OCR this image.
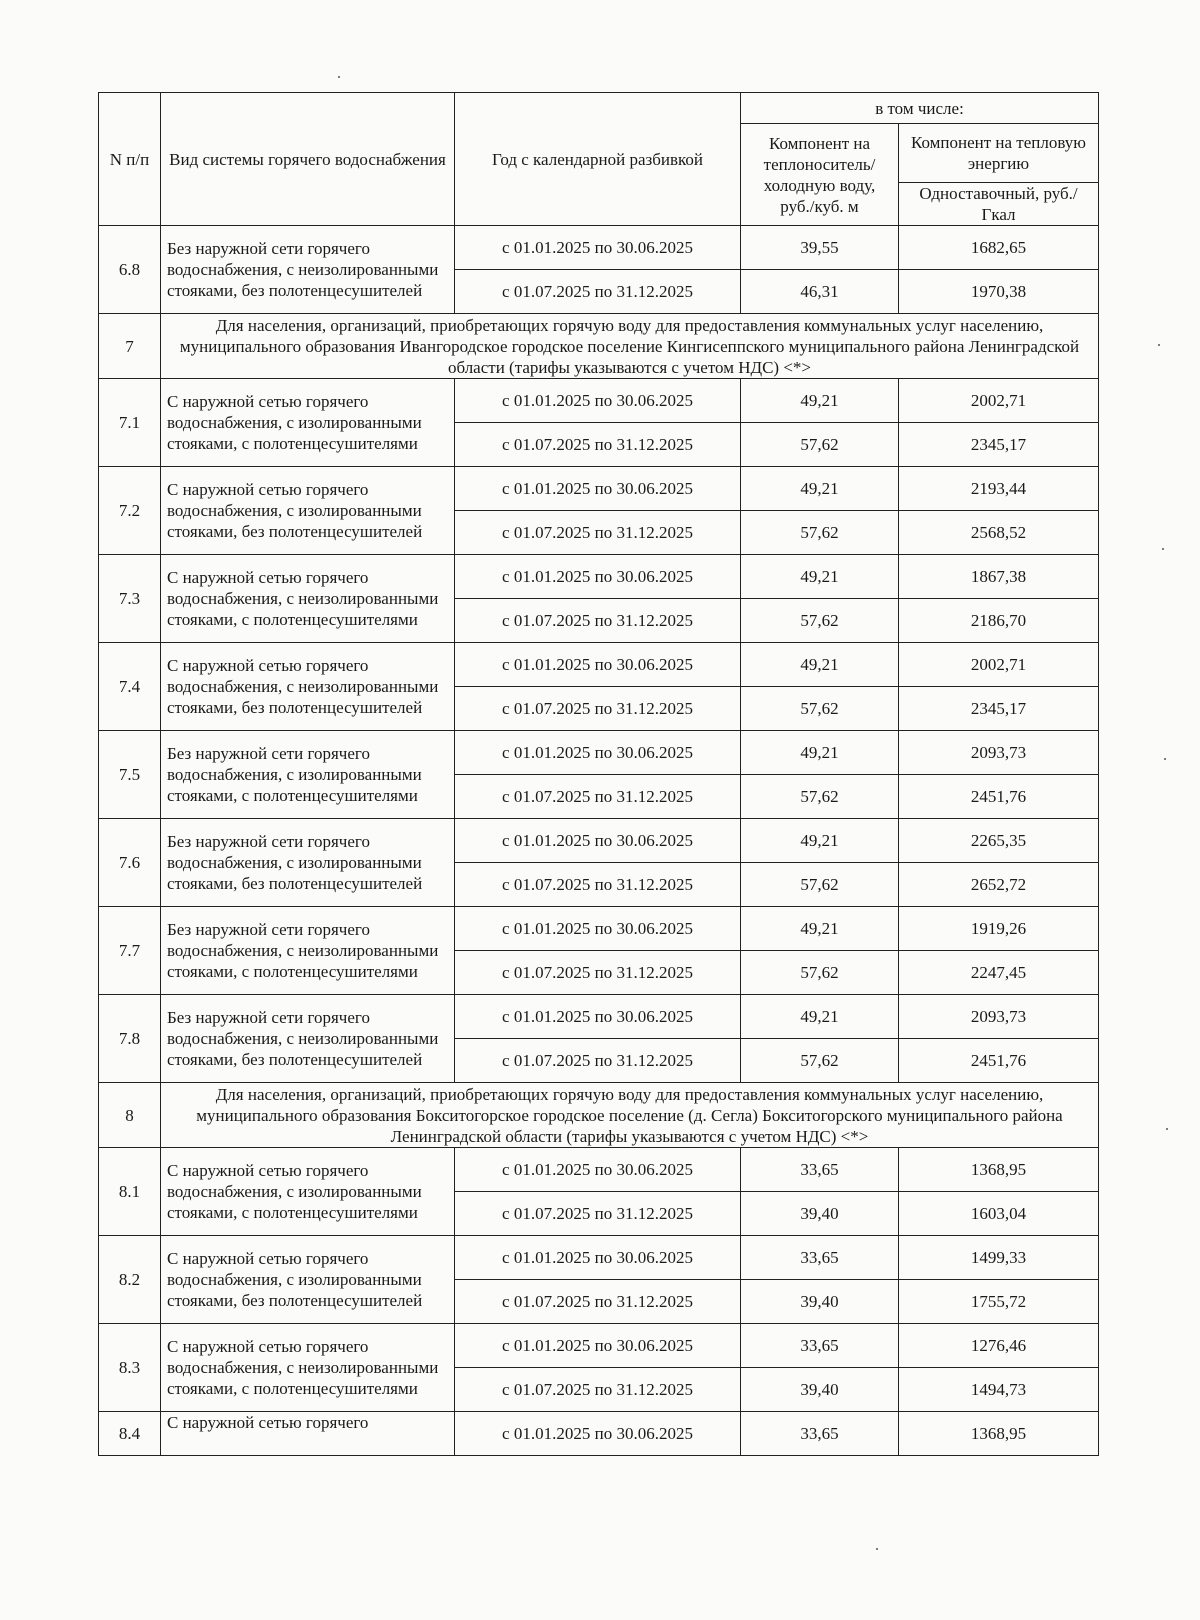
N п/п	Вид системы горячего водоснабжения	Год с календарной разбивкой	в том числе:	
			Компонент на теплоноситель/ холодную воду, руб./куб. м	Компонент на тепловую энергию
				Одноставочный, руб./Гкал
6.8	Без наружной сети горячего водоснабжения, с неизолированными стояками, без полотенцесушителей	с 01.01.2025 по 30.06.2025	39,55	1682,65
		с 01.07.2025 по 31.12.2025	46,31	1970,38
7	Для населения, организаций, приобретающих горячую воду для предоставления коммунальных услуг населению, муниципального образования Ивангородское городское поселение Кингисеппского муниципального района Ленинградской области (тарифы указываются с учетом НДС) <*>			
7.1	С наружной сетью горячего водоснабжения, с изолированными стояками, с полотенцесушителями	с 01.01.2025 по 30.06.2025	49,21	2002,71
		с 01.07.2025 по 31.12.2025	57,62	2345,17
7.2	С наружной сетью горячего водоснабжения, с изолированными стояками, без полотенцесушителей	с 01.01.2025 по 30.06.2025	49,21	2193,44
		с 01.07.2025 по 31.12.2025	57,62	2568,52
7.3	С наружной сетью горячего водоснабжения, с неизолированными стояками, с полотенцесушителями	с 01.01.2025 по 30.06.2025	49,21	1867,38
		с 01.07.2025 по 31.12.2025	57,62	2186,70
7.4	С наружной сетью горячего водоснабжения, с неизолированными стояками, без полотенцесушителей	с 01.01.2025 по 30.06.2025	49,21	2002,71
		с 01.07.2025 по 31.12.2025	57,62	2345,17
7.5	Без наружной сети горячего водоснабжения, с изолированными стояками, с полотенцесушителями	с 01.01.2025 по 30.06.2025	49,21	2093,73
		с 01.07.2025 по 31.12.2025	57,62	2451,76
7.6	Без наружной сети горячего водоснабжения, с изолированными стояками, без полотенцесушителей	с 01.01.2025 по 30.06.2025	49,21	2265,35
		с 01.07.2025 по 31.12.2025	57,62	2652,72
7.7	Без наружной сети горячего водоснабжения, с неизолированными стояками, с полотенцесушителями	с 01.01.2025 по 30.06.2025	49,21	1919,26
		с 01.07.2025 по 31.12.2025	57,62	2247,45
7.8	Без наружной сети горячего водоснабжения, с неизолированными стояками, без полотенцесушителей	с 01.01.2025 по 30.06.2025	49,21	2093,73
		с 01.07.2025 по 31.12.2025	57,62	2451,76
8	Для населения, организаций, приобретающих горячую воду для предоставления коммунальных услуг населению, муниципального образования Бокситогорское городское поселение (д. Сегла) Бокситогорского муниципального района Ленинградской области (тарифы указываются с учетом НДС) <*>			
8.1	С наружной сетью горячего водоснабжения, с изолированными стояками, с полотенцесушителями	с 01.01.2025 по 30.06.2025	33,65	1368,95
		с 01.07.2025 по 31.12.2025	39,40	1603,04
8.2	С наружной сетью горячего водоснабжения, с изолированными стояками, без полотенцесушителей	с 01.01.2025 по 30.06.2025	33,65	1499,33
		с 01.07.2025 по 31.12.2025	39,40	1755,72
8.3	С наружной сетью горячего водоснабжения, с неизолированными стояками, с полотенцесушителями	с 01.01.2025 по 30.06.2025	33,65	1276,46
		с 01.07.2025 по 31.12.2025	39,40	1494,73
8.4	С наружной сетью горячего	с 01.01.2025 по 30.06.2025	33,65	1368,95
